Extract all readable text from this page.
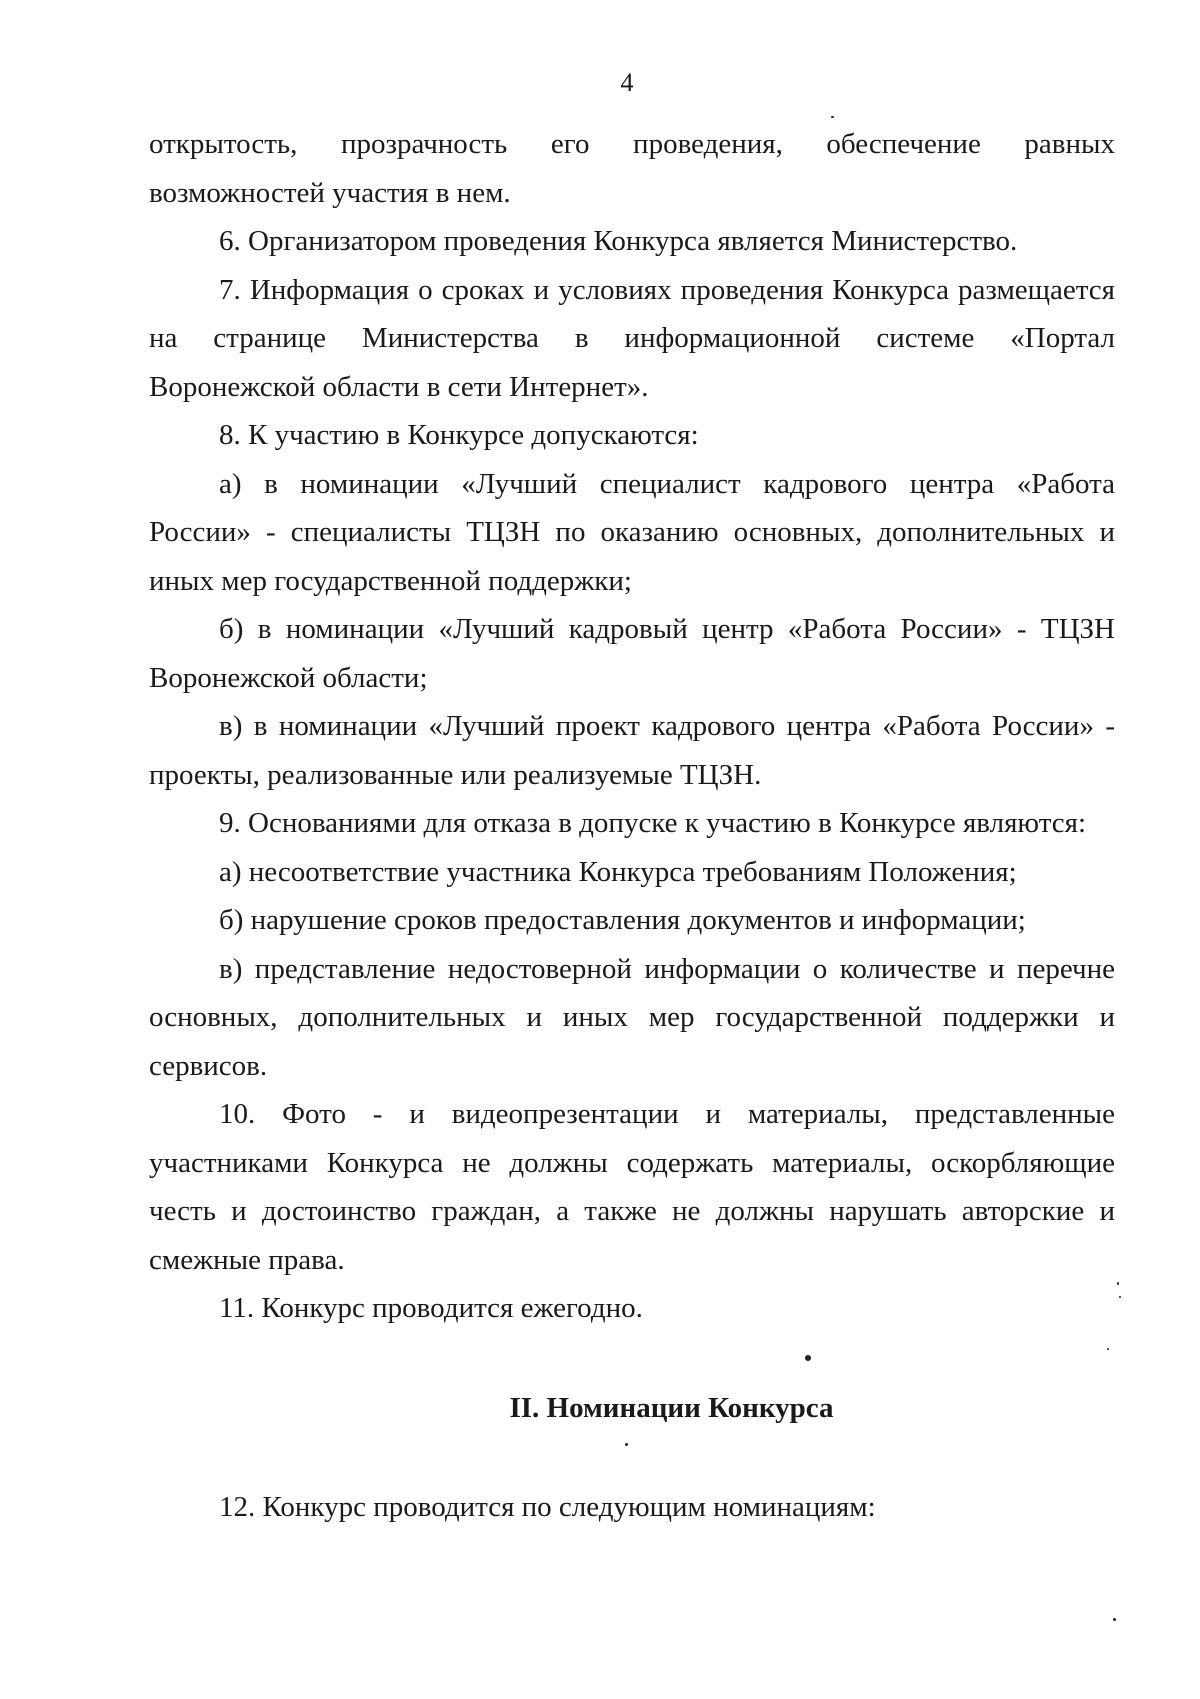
4

открытость, прозрачность его проведения, обеспечение равных возможностей участия в нем.

6. Организатором проведения Конкурса является Министерство.

7. Информация о сроках и условиях проведения Конкурса размещается на странице Министерства в информационной системе «Портал Воронежской области в сети Интернет».

8. К участию в Конкурсе допускаются:

а) в номинации «Лучший специалист кадрового центра «Работа России» - специалисты ТЦЗН по оказанию основных, дополнительных и иных мер государственной поддержки;

б) в номинации «Лучший кадровый центр «Работа России» - ТЦЗН Воронежской области;

в) в номинации «Лучший проект кадрового центра «Работа России» - проекты, реализованные или реализуемые ТЦЗН.

9. Основаниями для отказа в допуске к участию в Конкурсе являются:

а) несоответствие участника Конкурса требованиям Положения;

б) нарушение сроков предоставления документов и информации;

в) представление недостоверной информации о количестве и перечне основных, дополнительных и иных мер государственной поддержки и сервисов.

10. Фото - и видеопрезентации и материалы, представленные участниками Конкурса не должны содержать материалы, оскорбляющие честь и достоинство граждан, а также не должны нарушать авторские и смежные права.

11. Конкурс проводится ежегодно.

II. Номинации Конкурса
12. Конкурс проводится по следующим номинациям:
